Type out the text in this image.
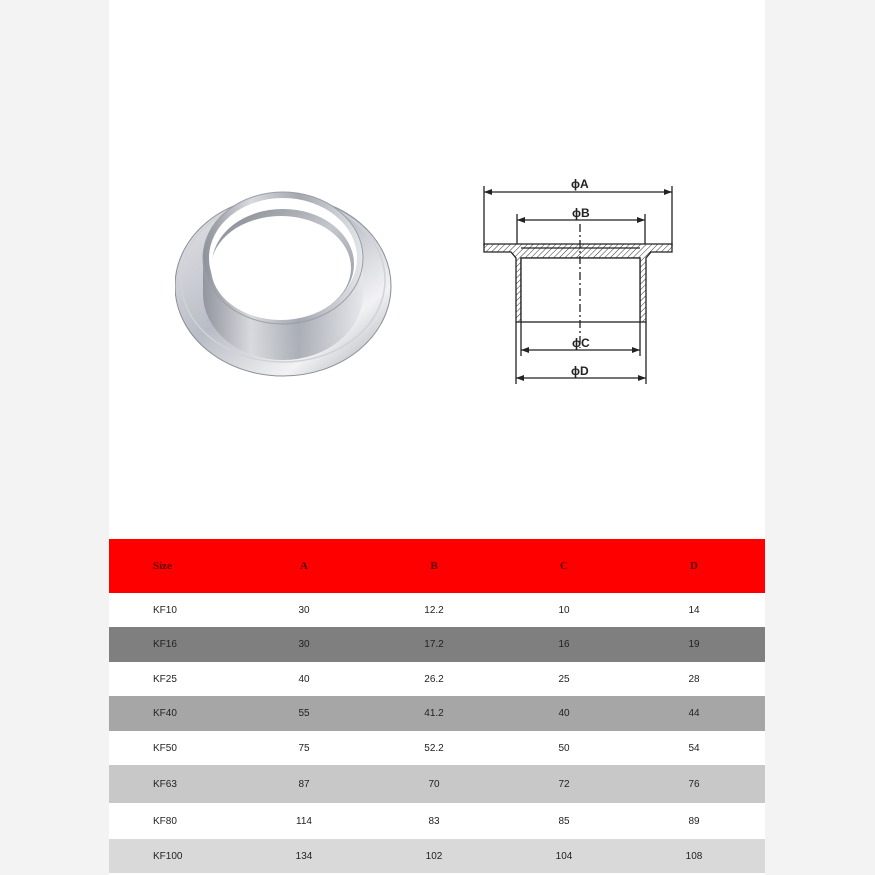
ϕA
ϕB
ϕC
ϕD
Size	A	B	C	D
KF10	30	12.2	10	14
KF16	30	17.2	16	19
KF25	40	26.2	25	28
KF40	55	41.2	40	44
KF50	75	52.2	50	54
KF63	87	70	72	76
KF80	114	83	85	89
KF100	134	102	104	108
